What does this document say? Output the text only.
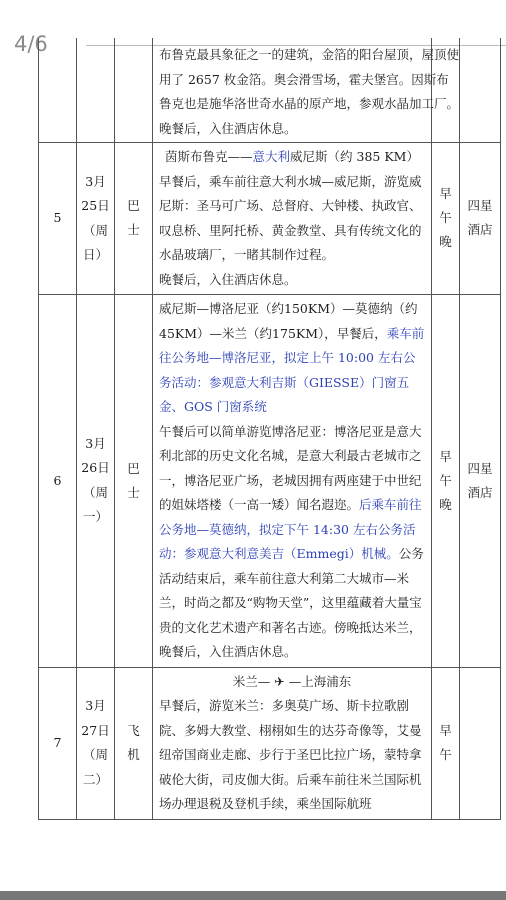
4/6	布鲁克最具象征之一的建筑，金箔的阳台屋顶，屋顶使用了 2657 枚金箔。奥会滑雪场，霍夫堡宫。因斯布鲁克也是施华洛世奇水晶的原产地，参观水晶加工厂。晚餐后，入住酒店休息。
5	3月25日（周日）	巴士	茵斯布鲁克——意大利威尼斯（约 385 KM）
早餐后，乘车前往意大利水城—威尼斯，游览威尼斯：圣马可广场、总督府、大钟楼、执政官、叹息桥、里阿托桥、黄金教堂、具有传统文化的水晶玻璃厂，一睹其制作过程。
晚餐后，入住酒店休息。	早午晚	四星酒店
6	3月26日（周一）	巴士	威尼斯—博洛尼亚（约150KM）—莫德纳（约45KM）—米兰（约175KM），早餐后，乘车前往公务地—博洛尼亚，拟定上午 10:00 左右公务活动：参观意大利吉斯（GIESSE）门窗五金、GOS 门窗系统
午餐后可以简单游览博洛尼亚：博洛尼亚是意大利北部的历史文化名城，是意大利最古老城市之一，博洛尼亚广场，老城因拥有两座建于中世纪的姐妹塔楼（一高一矮）闻名遐迩。后乘车前往公务地—莫德纳，拟定下午 14:30 左右公务活动：参观意大利意美吉（Emmegi）机械。公务活动结束后，乘车前往意大利第二大城市—米兰，时尚之都及“购物天堂”，这里蕴藏着大量宝贵的文化艺术遗产和著名古迹。傍晚抵达米兰，晚餐后，入住酒店休息。	早午晚	四星酒店
7	3月27日（周二）	飞机	米兰— ✈ —上海浦东
早餐后，游览米兰：多奥莫广场、斯卡拉歌剧院、多姆大教堂、栩栩如生的达芬奇像等，艾曼纽帝国商业走廊、步行于圣巴比拉广场，蒙特拿破伦大街，司皮伽大街。后乘车前往米兰国际机场办理退税及登机手续，乘坐国际航班	早午	
